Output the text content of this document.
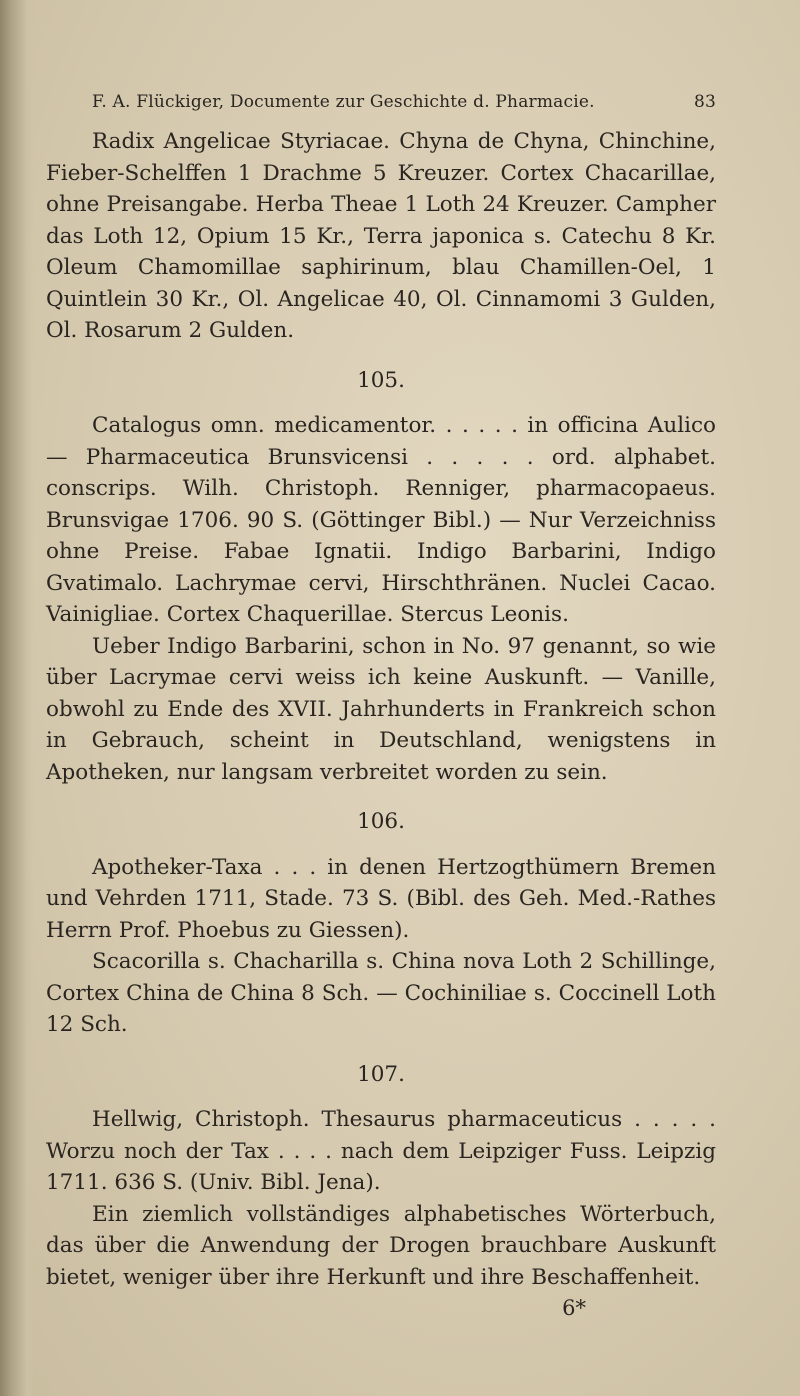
F. A. Flückiger, Documente zur Geschichte d. Pharmacie.	83

Radix Angelicae Styriacae. Chyna de Chyna, Chinchine, Fieber-Schelffen 1 Drachme 5 Kreuzer. Cortex Chacarillae, ohne Preisangabe. Herba Theae 1 Loth 24 Kreuzer. Campher das Loth 12, Opium 15 Kr., Terra japonica s. Catechu 8 Kr. Oleum Chamomillae saphirinum, blau Chamillen-Oel, 1 Quintlein 30 Kr., Ol. Angelicae 40, Ol. Cinnamomi 3 Gulden, Ol. Rosarum 2 Gulden.

105.

Catalogus omn. medicamentor. . . . . . in officina Aulico — Pharmaceutica Brunsvicensi . . . . . ord. alphabet. conscrips. Wilh. Christoph. Renniger, pharmacopaeus. Brunsvigae 1706. 90 S. (Göttinger Bibl.) — Nur Verzeichniss ohne Preise. Fabae Ignatii. Indigo Barbarini, Indigo Gvatimalo. Lachrymae cervi, Hirschthränen. Nuclei Cacao. Vainigliae. Cortex Chaquerillae. Stercus Leonis.

Ueber Indigo Barbarini, schon in No. 97 genannt, so wie über Lacrymae cervi weiss ich keine Auskunft. — Vanille, obwohl zu Ende des XVII. Jahrhunderts in Frankreich schon in Gebrauch, scheint in Deutschland, wenigstens in Apotheken, nur langsam verbreitet worden zu sein.

106.

Apotheker-Taxa . . . in denen Hertzogthümern Bremen und Vehrden 1711, Stade. 73 S. (Bibl. des Geh. Med.-Rathes Herrn Prof. Phoebus zu Giessen).

Scacorilla s. Chacharilla s. China nova Loth 2 Schillinge, Cortex China de China 8 Sch. — Cochiniliae s. Coccinell Loth 12 Sch.

107.

Hellwig, Christoph. Thesaurus pharmaceuticus . . . . . Worzu noch der Tax . . . . nach dem Leipziger Fuss. Leipzig 1711. 636 S. (Univ. Bibl. Jena).

Ein ziemlich vollständiges alphabetisches Wörterbuch, das über die Anwendung der Drogen brauchbare Auskunft bietet, weniger über ihre Herkunft und ihre Beschaffenheit.

6*
